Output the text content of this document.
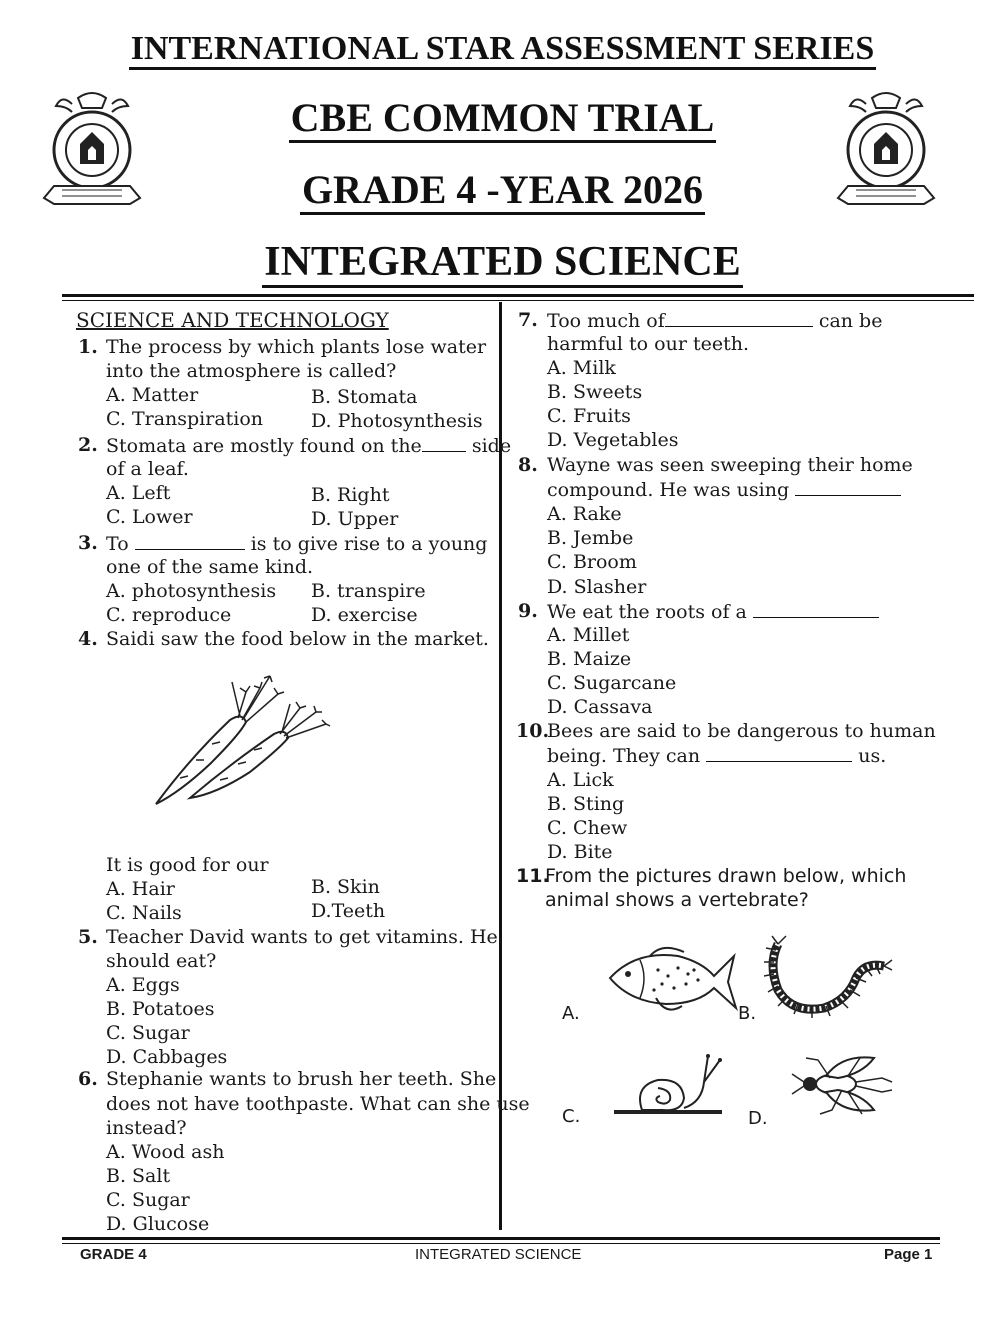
INTERNATIONAL STAR ASSESSMENT SERIES
CBE COMMON TRIAL
GRADE 4 -YEAR 2026
INTEGRATED SCIENCE
SCIENCE AND TECHNOLOGY
1. The process by which plants lose water
into the atmosphere is called?
A. Matter	B. Stomata
C. Transpiration	D. Photosynthesis
2. Stomata are mostly found on the	side
of a leaf.
A. Left	B. Right
C. Lower	D. Upper
3. To	is to give rise to a young
one of the same kind.
A. photosynthesis B. transpire
C. reproduce	D. exercise
4. Saidi saw the food below in the market.
It is good for our
A. Hair	B. Skin
C. Nails	D.Teeth
5. Teacher David wants to get vitamins. He
should eat?
A. Eggs
B. Potatoes
C. Sugar
D. Cabbages
6. Stephanie wants to brush her teeth. She
does not have toothpaste. What can she use
instead?
A. Wood ash
B. Salt
C. Sugar
D. Glucose
7. Too much of	can be
harmful to our teeth.
A. Milk
B. Sweets
C. Fruits
D. Vegetables
8. Wayne was seen sweeping their home
compound. He was using
A. Rake
B. Jembe
C. Broom
D. Slasher
9. We eat the roots of a
A. Millet
B. Maize
C. Sugarcane
D. Cassava
10.
Bees are said to be dangerous to human
being. They can	us.
A. Lick
B. Sting
C. Chew
D. Bite
11.
From the pictures drawn below, which
animal shows a vertebrate?
A.	B.
C.	D.
GRADE 4	INTEGRATED SCIENCE	Page 1
